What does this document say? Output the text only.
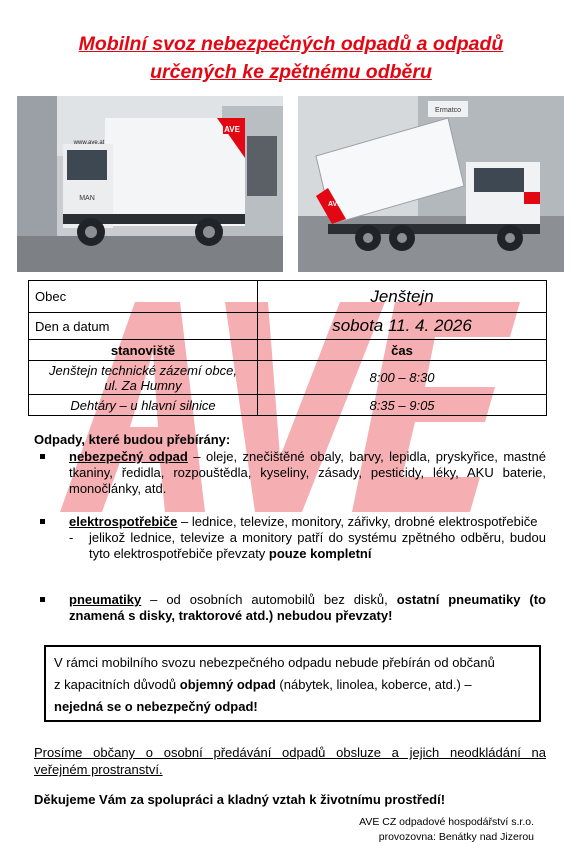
Mobilní svoz nebezpečných odpadů a odpadů
určených ke zpětnému odběru
AVE
MAN
www.ave.at
Ermatco
AVE
Obec	Jenštejn
Den a datum	sobota 11. 4. 2026
stanoviště	čas

Jenštejn technické zázemí obce,
ul. Za Humny	8:00 – 8:30
Dehtáry – u hlavní silnice	8:35 – 9:05
Odpady, které budou přebírány:
nebezpečný odpad – oleje, znečištěné obaly, barvy, lepidla, pryskyřice, mastné tkaniny, ředidla, rozpouštědla, kyseliny, zásady, pesticidy, léky, AKU baterie, monočlánky, atd.
elektrospotřebiče – lednice, televize, monitory, zářivky, drobné elektrospotřebiče
- jelikož lednice, televize a monitory patří do systému zpětného odběru, budou tyto elektrospotřebiče převzaty pouze kompletní
pneumatiky – od osobních automobilů bez disků, ostatní pneumatiky (to znamená s disky, traktorové atd.) nebudou převzaty!
V rámci mobilního svozu nebezpečného odpadu nebude přebírán od občanů
z kapacitních důvodů objemný odpad (nábytek, linolea, koberce, atd.) –
nejedná se o nebezpečný odpad!
Prosíme občany o osobní předávání odpadů obsluze a jejich neodkládání na
veřejném prostranství.
Děkujeme Vám za spolupráci a kladný vztah k životnímu prostředí!
AVE CZ odpadové hospodářství s.r.o.
provozovna: Benátky nad Jizerou
